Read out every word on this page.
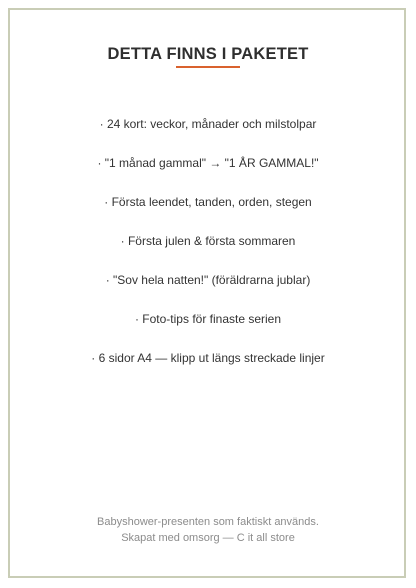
DETTA FINNS I PAKETET
· 24 kort: veckor, månader och milstolpar
· "1 månad gammal" → "1 ÅR GAMMAL!"
· Första leendet, tanden, orden, stegen
· Första julen & första sommaren
· "Sov hela natten!" (föräldrarna jublar)
· Foto-tips för finaste serien
· 6 sidor A4 — klipp ut längs streckade linjer
Babyshower-presenten som faktiskt används.
Skapat med omsorg — C it all store
